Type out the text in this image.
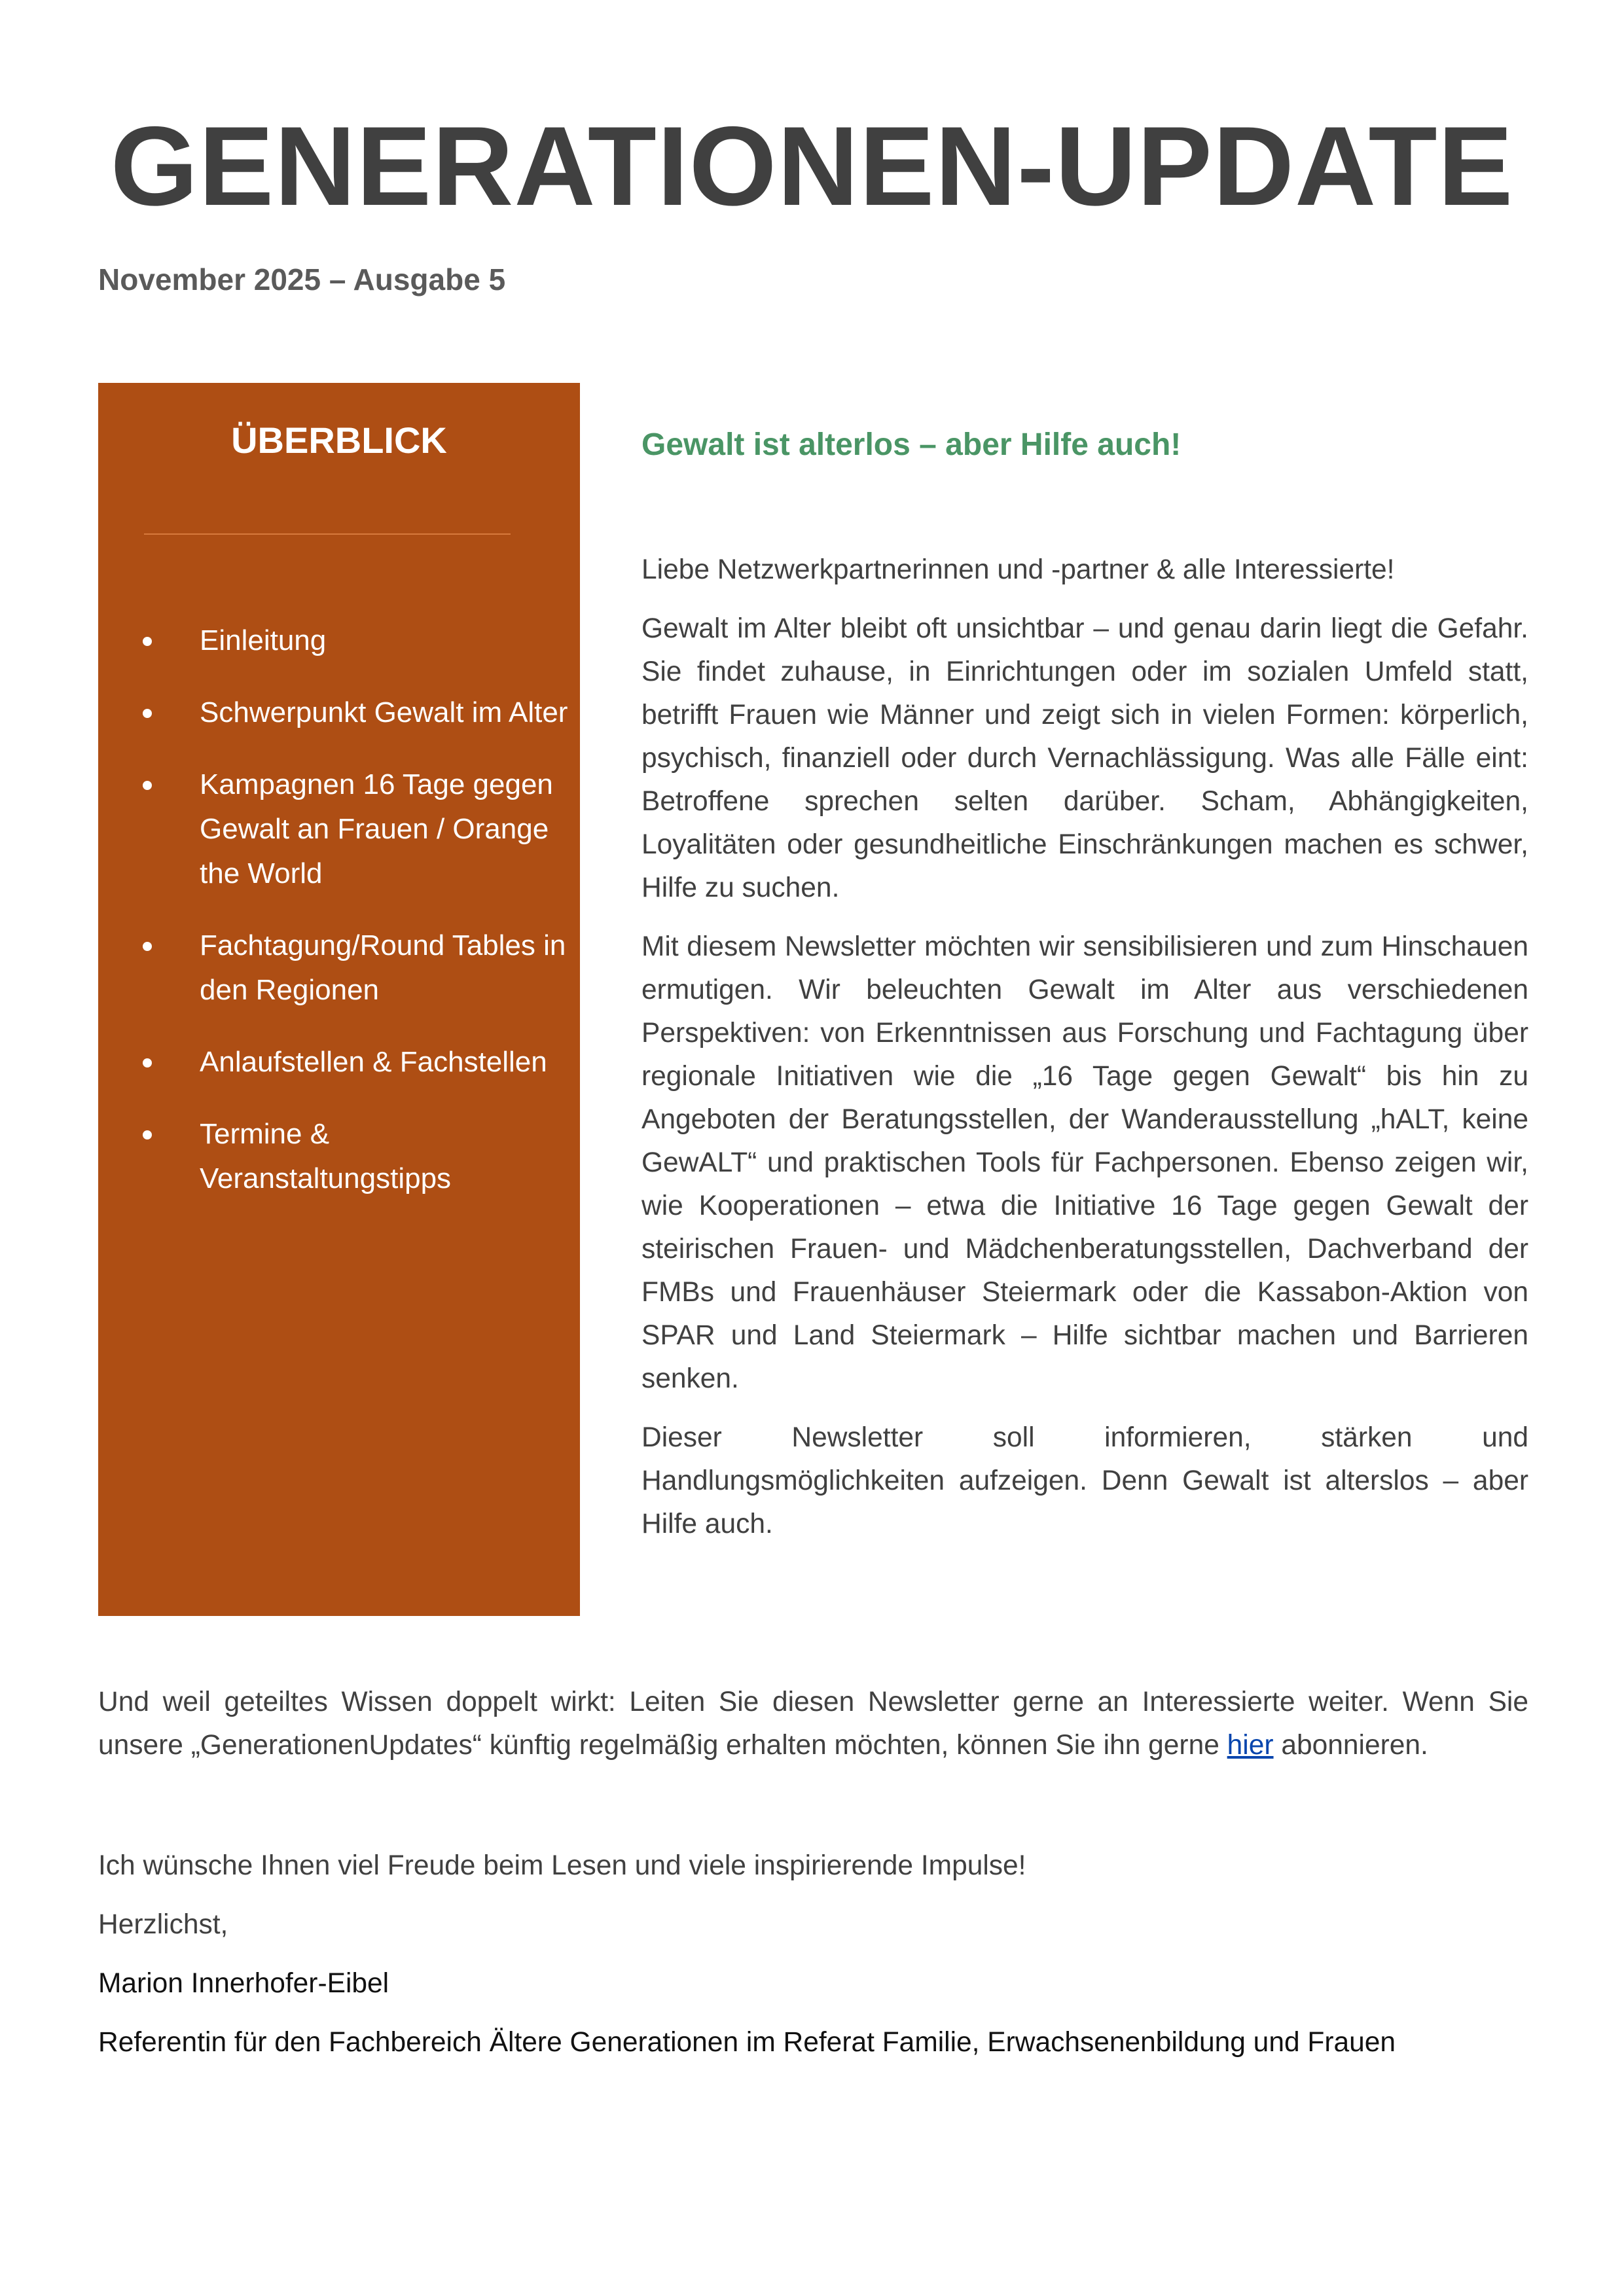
GENERATIONEN-UPDATE
November 2025 – Ausgabe 5
ÜBERBLICK
Einleitung
Schwerpunkt Gewalt im Alter
Kampagnen 16 Tage gegen Gewalt an Frauen / Orange the World
Fachtagung/Round Tables in den Regionen
Anlaufstellen & Fachstellen
Termine & Veranstaltungstipps
Gewalt ist alterlos – aber Hilfe auch!

Liebe Netzwerkpartnerinnen und -partner & alle Interessierte!

Gewalt im Alter bleibt oft unsichtbar – und genau darin liegt die Gefahr. Sie findet zuhause, in Einrichtungen oder im sozialen Umfeld statt, betrifft Frauen wie Männer und zeigt sich in vielen Formen: körperlich, psychisch, finanziell oder durch Vernachlässigung. Was alle Fälle eint: Betroffene sprechen selten darüber. Scham, Abhängigkeiten, Loyalitäten oder gesundheitliche Einschränkungen machen es schwer, Hilfe zu suchen.

Mit diesem Newsletter möchten wir sensibilisieren und zum Hinschauen ermutigen. Wir beleuchten Gewalt im Alter aus verschiedenen Perspektiven: von Erkenntnissen aus Forschung und Fachtagung über regionale Initiativen wie die „16 Tage gegen Gewalt“ bis hin zu Angeboten der Beratungsstellen, der Wanderausstellung „hALT, keine GewALT“ und praktischen Tools für Fachpersonen. Ebenso zeigen wir, wie Kooperationen – etwa die Initiative 16 Tage gegen Gewalt der steirischen Frauen- und Mädchenberatungsstellen, Dachverband der FMBs und Frauenhäuser Steiermark oder die Kassabon-Aktion von SPAR und Land Steiermark – Hilfe sichtbar machen und Barrieren senken.

Dieser Newsletter soll informieren, stärken und Handlungsmöglichkeiten aufzeigen. Denn Gewalt ist alterslos – aber Hilfe auch.

Und weil geteiltes Wissen doppelt wirkt: Leiten Sie diesen Newsletter gerne an Interessierte weiter. Wenn Sie unsere „GenerationenUpdates“ künftig regelmäßig erhalten möchten, können Sie ihn gerne hier abonnieren.

Ich wünsche Ihnen viel Freude beim Lesen und viele inspirierende Impulse!

Herzlichst,

Marion Innerhofer-Eibel

Referentin für den Fachbereich Ältere Generationen im Referat Familie, Erwachsenenbildung und Frauen
